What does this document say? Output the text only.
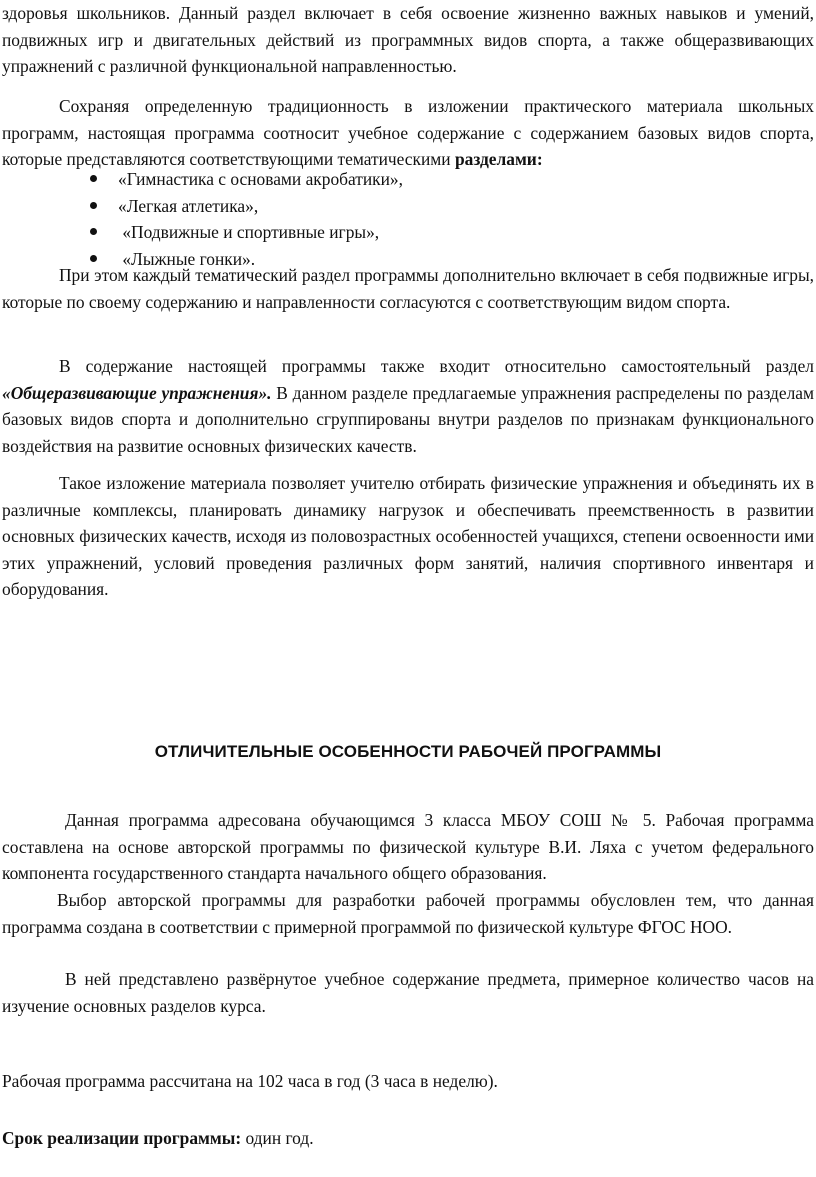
здоровья школьников. Данный раздел включает в себя освоение жизненно важных навыков и умений, подвижных игр и двигательных действий из программных видов спорта, а также общеразвивающих упражнений с различной функциональной направленностью.

Сохраняя определенную традиционность в изложении практического материала школьных программ, настоящая программа соотносит учебное содержание с содержанием базовых видов спорта, которые представляются соответствующими тематическими разделами:

«Гимнастика с основами акробатики»,
«Легкая атлетика»,
«Подвижные и спортивные игры»,
«Лыжные гонки».

При этом каждый тематический раздел программы дополнительно включает в себя подвижные игры, которые по своему содержанию и направленности согласуются с соответствующим видом спорта.

В содержание настоящей программы также входит относительно самостоятельный раздел «Общеразвивающие упражнения». В данном разделе предлагаемые упражнения распределены по разделам базовых видов спорта и дополнительно сгруппированы внутри разделов по признакам функционального воздействия на развитие основных физических качеств.

Такое изложение материала позволяет учителю отбирать физические упражнения и объединять их в различные комплексы, планировать динамику нагрузок и обеспечивать преемственность в развитии основных физических качеств, исходя из половозрастных особенностей учащихся, степени освоенности ими этих упражнений, условий проведения различных форм занятий, наличия спортивного инвентаря и оборудования.

ОТЛИЧИТЕЛЬНЫЕ ОСОБЕННОСТИ РАБОЧЕЙ ПРОГРАММЫ

Данная программа адресована обучающимся 3 класса МБОУ СОШ № 5. Рабочая программа составлена на основе авторской программы по физической культуре В.И. Ляха с учетом федерального компонента государственного стандарта начального общего образования.

Выбор авторской программы для разработки рабочей программы обусловлен тем, что данная программа создана в соответствии с примерной программой по физической культуре ФГОС НОО.

В ней представлено развёрнутое учебное содержание предмета, примерное количество часов на изучение основных разделов курса.

Рабочая программа рассчитана на 102 часа в год (3 часа в неделю).

Срок реализации программы: один год.
